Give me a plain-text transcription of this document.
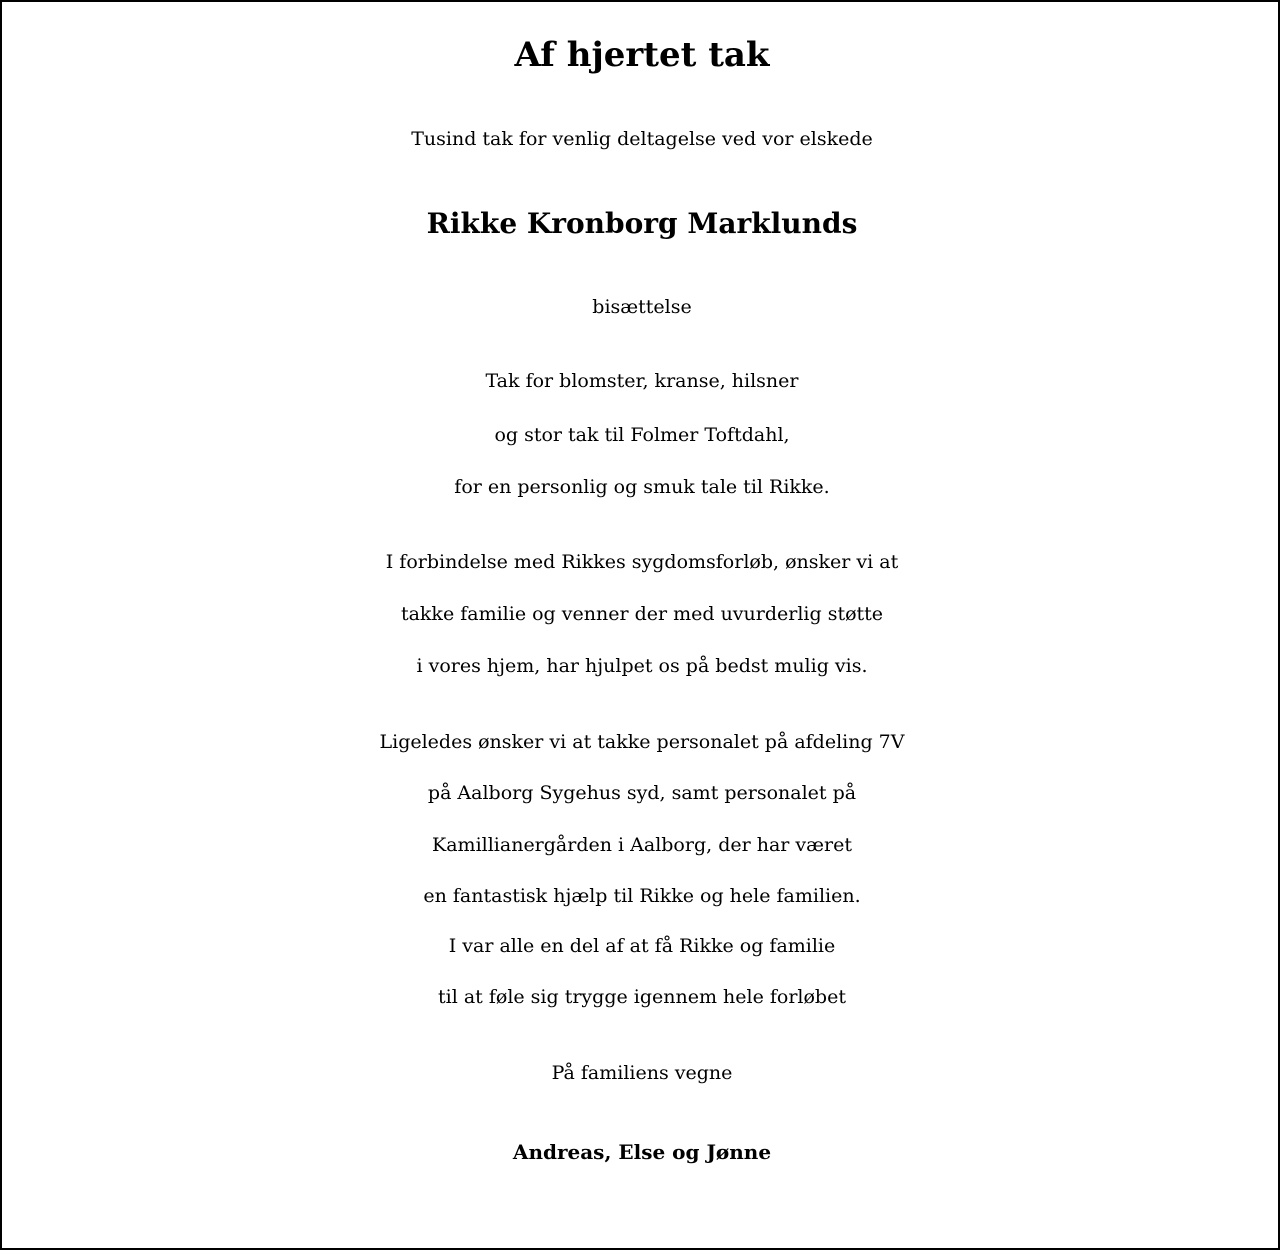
Af hjertet tak
Tusind tak for venlig deltagelse ved vor elskede
Rikke Kronborg Marklunds
bisættelse
Tak for blomster, kranse, hilsner
og stor tak til Folmer Toftdahl,
for en personlig og smuk tale til Rikke.
I forbindelse med Rikkes sygdomsforløb, ønsker vi at
takke familie og venner der med uvurderlig støtte
i vores hjem, har hjulpet os på bedst mulig vis.
Ligeledes ønsker vi at takke personalet på afdeling 7V
på Aalborg Sygehus syd, samt personalet på
Kamillianergården i Aalborg, der har været
en fantastisk hjælp til Rikke og hele familien.
I var alle en del af at få Rikke og familie
til at føle sig trygge igennem hele forløbet
På familiens vegne
Andreas, Else og Jønne
